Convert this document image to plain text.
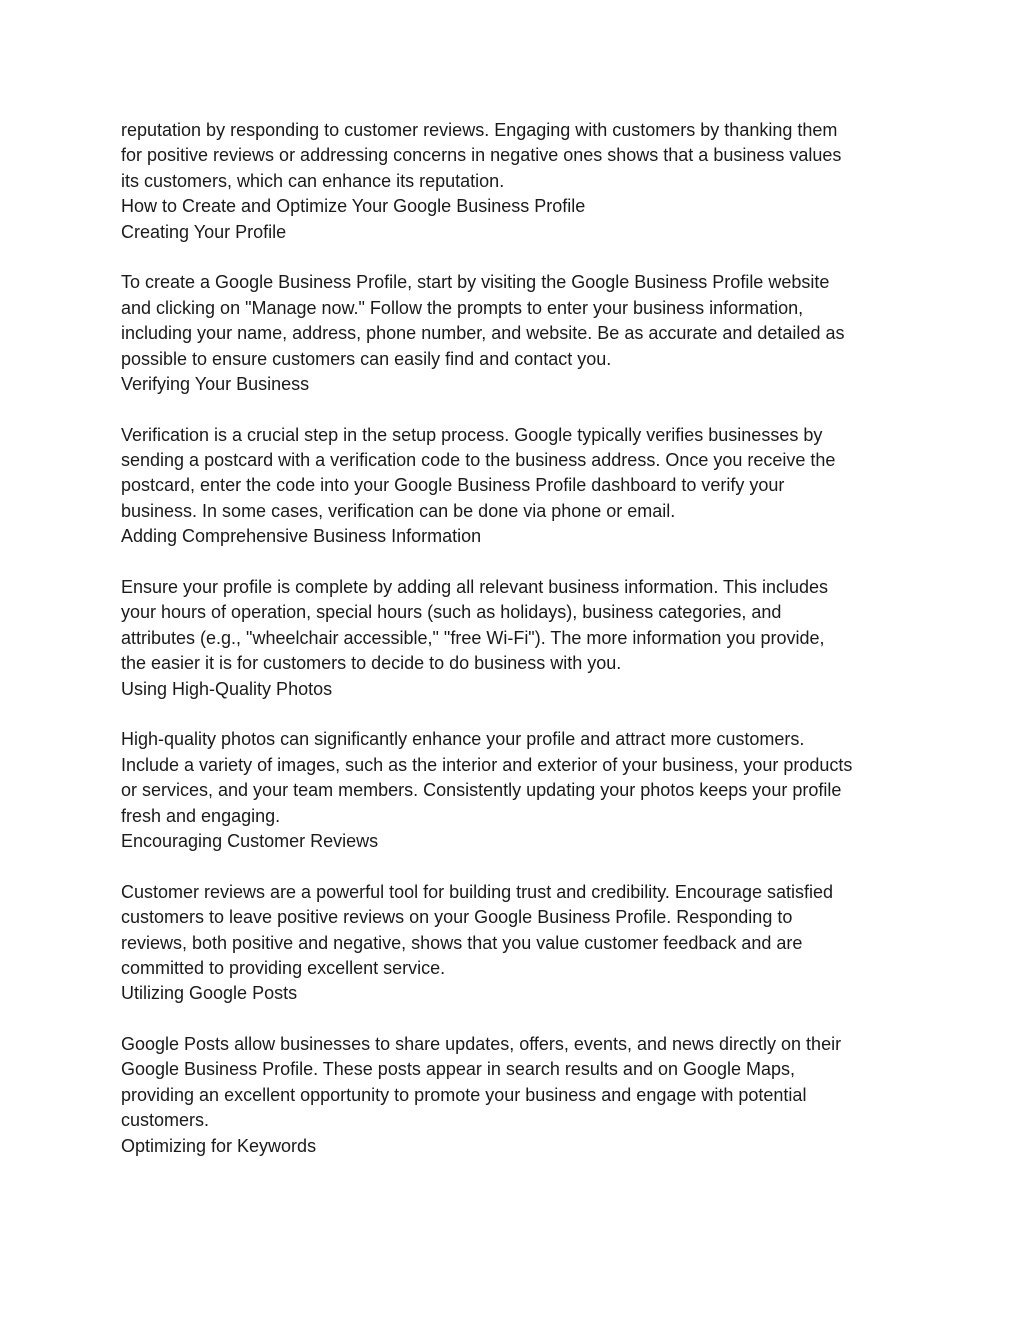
reputation by responding to customer reviews. Engaging with customers by thanking them
for positive reviews or addressing concerns in negative ones shows that a business values
its customers, which can enhance its reputation.
How to Create and Optimize Your Google Business Profile
Creating Your Profile
To create a Google Business Profile, start by visiting the Google Business Profile website
and clicking on "Manage now." Follow the prompts to enter your business information,
including your name, address, phone number, and website. Be as accurate and detailed as
possible to ensure customers can easily find and contact you.
Verifying Your Business
Verification is a crucial step in the setup process. Google typically verifies businesses by
sending a postcard with a verification code to the business address. Once you receive the
postcard, enter the code into your Google Business Profile dashboard to verify your
business. In some cases, verification can be done via phone or email.
Adding Comprehensive Business Information
Ensure your profile is complete by adding all relevant business information. This includes
your hours of operation, special hours (such as holidays), business categories, and
attributes (e.g., "wheelchair accessible," "free Wi-Fi"). The more information you provide,
the easier it is for customers to decide to do business with you.
Using High-Quality Photos
High-quality photos can significantly enhance your profile and attract more customers.
Include a variety of images, such as the interior and exterior of your business, your products
or services, and your team members. Consistently updating your photos keeps your profile
fresh and engaging.
Encouraging Customer Reviews
Customer reviews are a powerful tool for building trust and credibility. Encourage satisfied
customers to leave positive reviews on your Google Business Profile. Responding to
reviews, both positive and negative, shows that you value customer feedback and are
committed to providing excellent service.
Utilizing Google Posts
Google Posts allow businesses to share updates, offers, events, and news directly on their
Google Business Profile. These posts appear in search results and on Google Maps,
providing an excellent opportunity to promote your business and engage with potential
customers.
Optimizing for Keywords
